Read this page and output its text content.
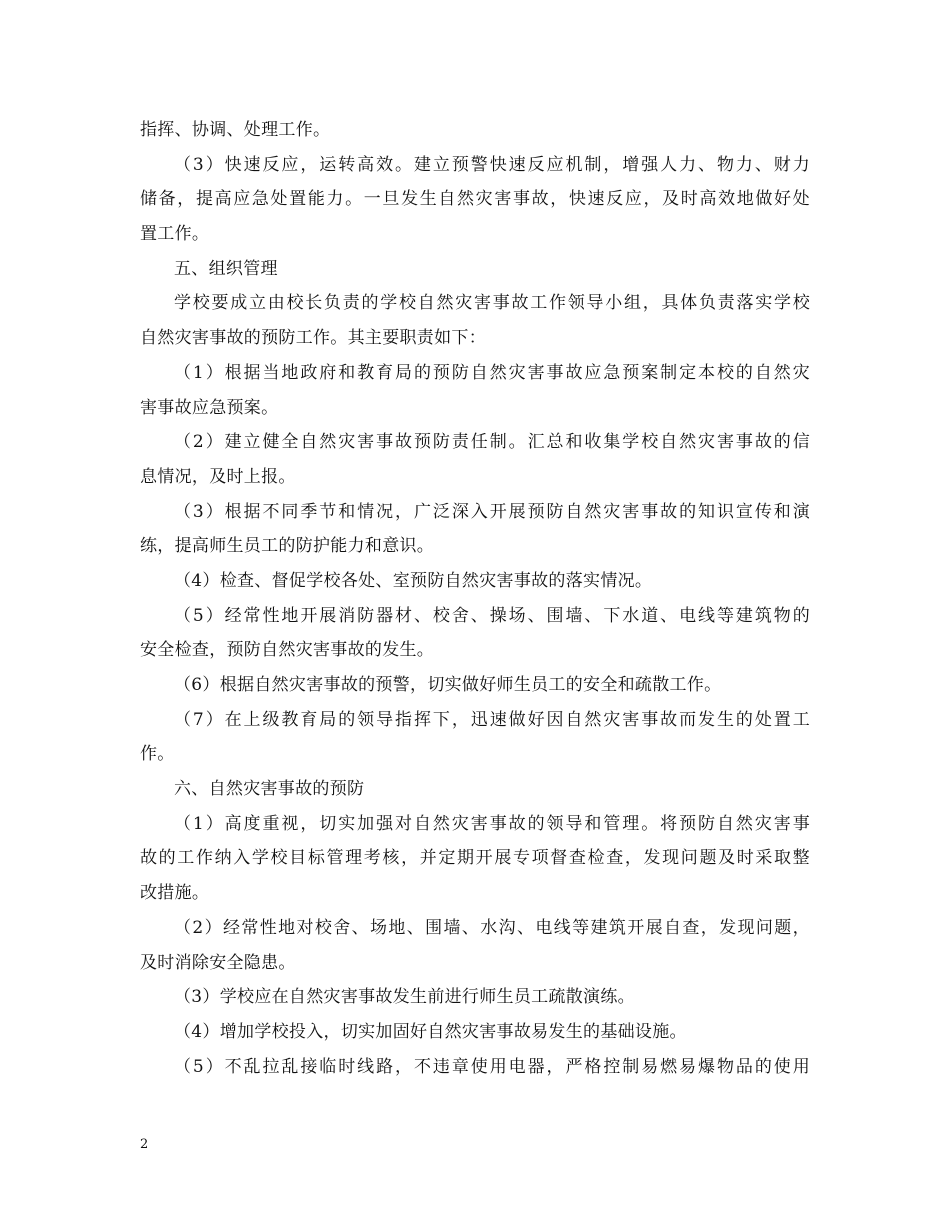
指挥、协调、处理工作。
（3）快速反应，运转高效。建立预警快速反应机制，增强人力、物力、财力
储备，提高应急处置能力。一旦发生自然灾害事故，快速反应，及时高效地做好处
置工作。
五、组织管理
学校要成立由校长负责的学校自然灾害事故工作领导小组，具体负责落实学校
自然灾害事故的预防工作。其主要职责如下：
（1）根据当地政府和教育局的预防自然灾害事故应急预案制定本校的自然灾
害事故应急预案。
（2）建立健全自然灾害事故预防责任制。汇总和收集学校自然灾害事故的信
息情况，及时上报。
（3）根据不同季节和情况，广泛深入开展预防自然灾害事故的知识宣传和演
练，提高师生员工的防护能力和意识。
（4）检查、督促学校各处、室预防自然灾害事故的落实情况。
（5）经常性地开展消防器材、校舍、操场、围墙、下水道、电线等建筑物的
安全检查，预防自然灾害事故的发生。
（6）根据自然灾害事故的预警，切实做好师生员工的安全和疏散工作。
（7）在上级教育局的领导指挥下，迅速做好因自然灾害事故而发生的处置工
作。
六、自然灾害事故的预防
（1）高度重视，切实加强对自然灾害事故的领导和管理。将预防自然灾害事
故的工作纳入学校目标管理考核，并定期开展专项督查检查，发现问题及时采取整
改措施。
（2）经常性地对校舍、场地、围墙、水沟、电线等建筑开展自查，发现问题，
及时消除安全隐患。
（3）学校应在自然灾害事故发生前进行师生员工疏散演练。
（4）增加学校投入，切实加固好自然灾害事故易发生的基础设施。
（5）不乱拉乱接临时线路，不违章使用电器，严格控制易燃易爆物品的使用
2
